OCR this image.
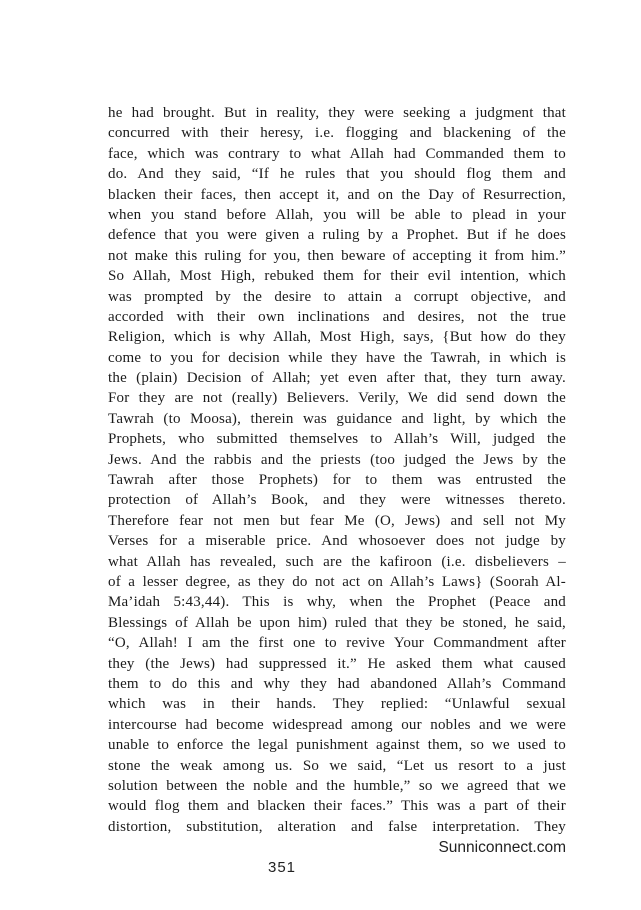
he had brought. But in reality, they were seeking a judgment that
concurred with their heresy, i.e. flogging and blackening of the
face, which was contrary to what Allah had Commanded them to
do. And they said, “If he rules that you should flog them and
blacken their faces, then accept it, and on the Day of Resurrection,
when you stand before Allah, you will be able to plead in your
defence that you were given a ruling by a Prophet. But if he does
not make this ruling for you, then beware of accepting it from him.”
So Allah, Most High, rebuked them for their evil intention, which
was prompted by the desire to attain a corrupt objective, and
accorded with their own inclinations and desires, not the true
Religion, which is why Allah, Most High, says, {But how do they
come to you for decision while they have the Tawrah, in which is
the (plain) Decision of Allah; yet even after that, they turn away.
For they are not (really) Believers. Verily, We did send down the
Tawrah (to Moosa), therein was guidance and light, by which the
Prophets, who submitted themselves to Allah’s Will, judged the
Jews. And the rabbis and the priests (too judged the Jews by the
Tawrah after those Prophets) for to them was entrusted the
protection of Allah’s Book, and they were witnesses thereto.
Therefore fear not men but fear Me (O, Jews) and sell not My
Verses for a miserable price. And whosoever does not judge by
what Allah has revealed, such are the kafiroon (i.e. disbelievers –
of a lesser degree, as they do not act on Allah’s Laws} (Soorah Al-
Ma’idah 5:43,44). This is why, when the Prophet (Peace and
Blessings of Allah be upon him) ruled that they be stoned, he said,
“O, Allah! I am the first one to revive Your Commandment after
they (the Jews) had suppressed it.” He asked them what caused
them to do this and why they had abandoned Allah’s Command
which was in their hands. They replied: “Unlawful sexual
intercourse had become widespread among our nobles and we were
unable to enforce the legal punishment against them, so we used to
stone the weak among us. So we said, “Let us resort to a just
solution between the noble and the humble,” so we agreed that we
would flog them and blacken their faces.” This was a part of their
distortion, substitution, alteration and false interpretation. They
Sunniconnect.com
351
